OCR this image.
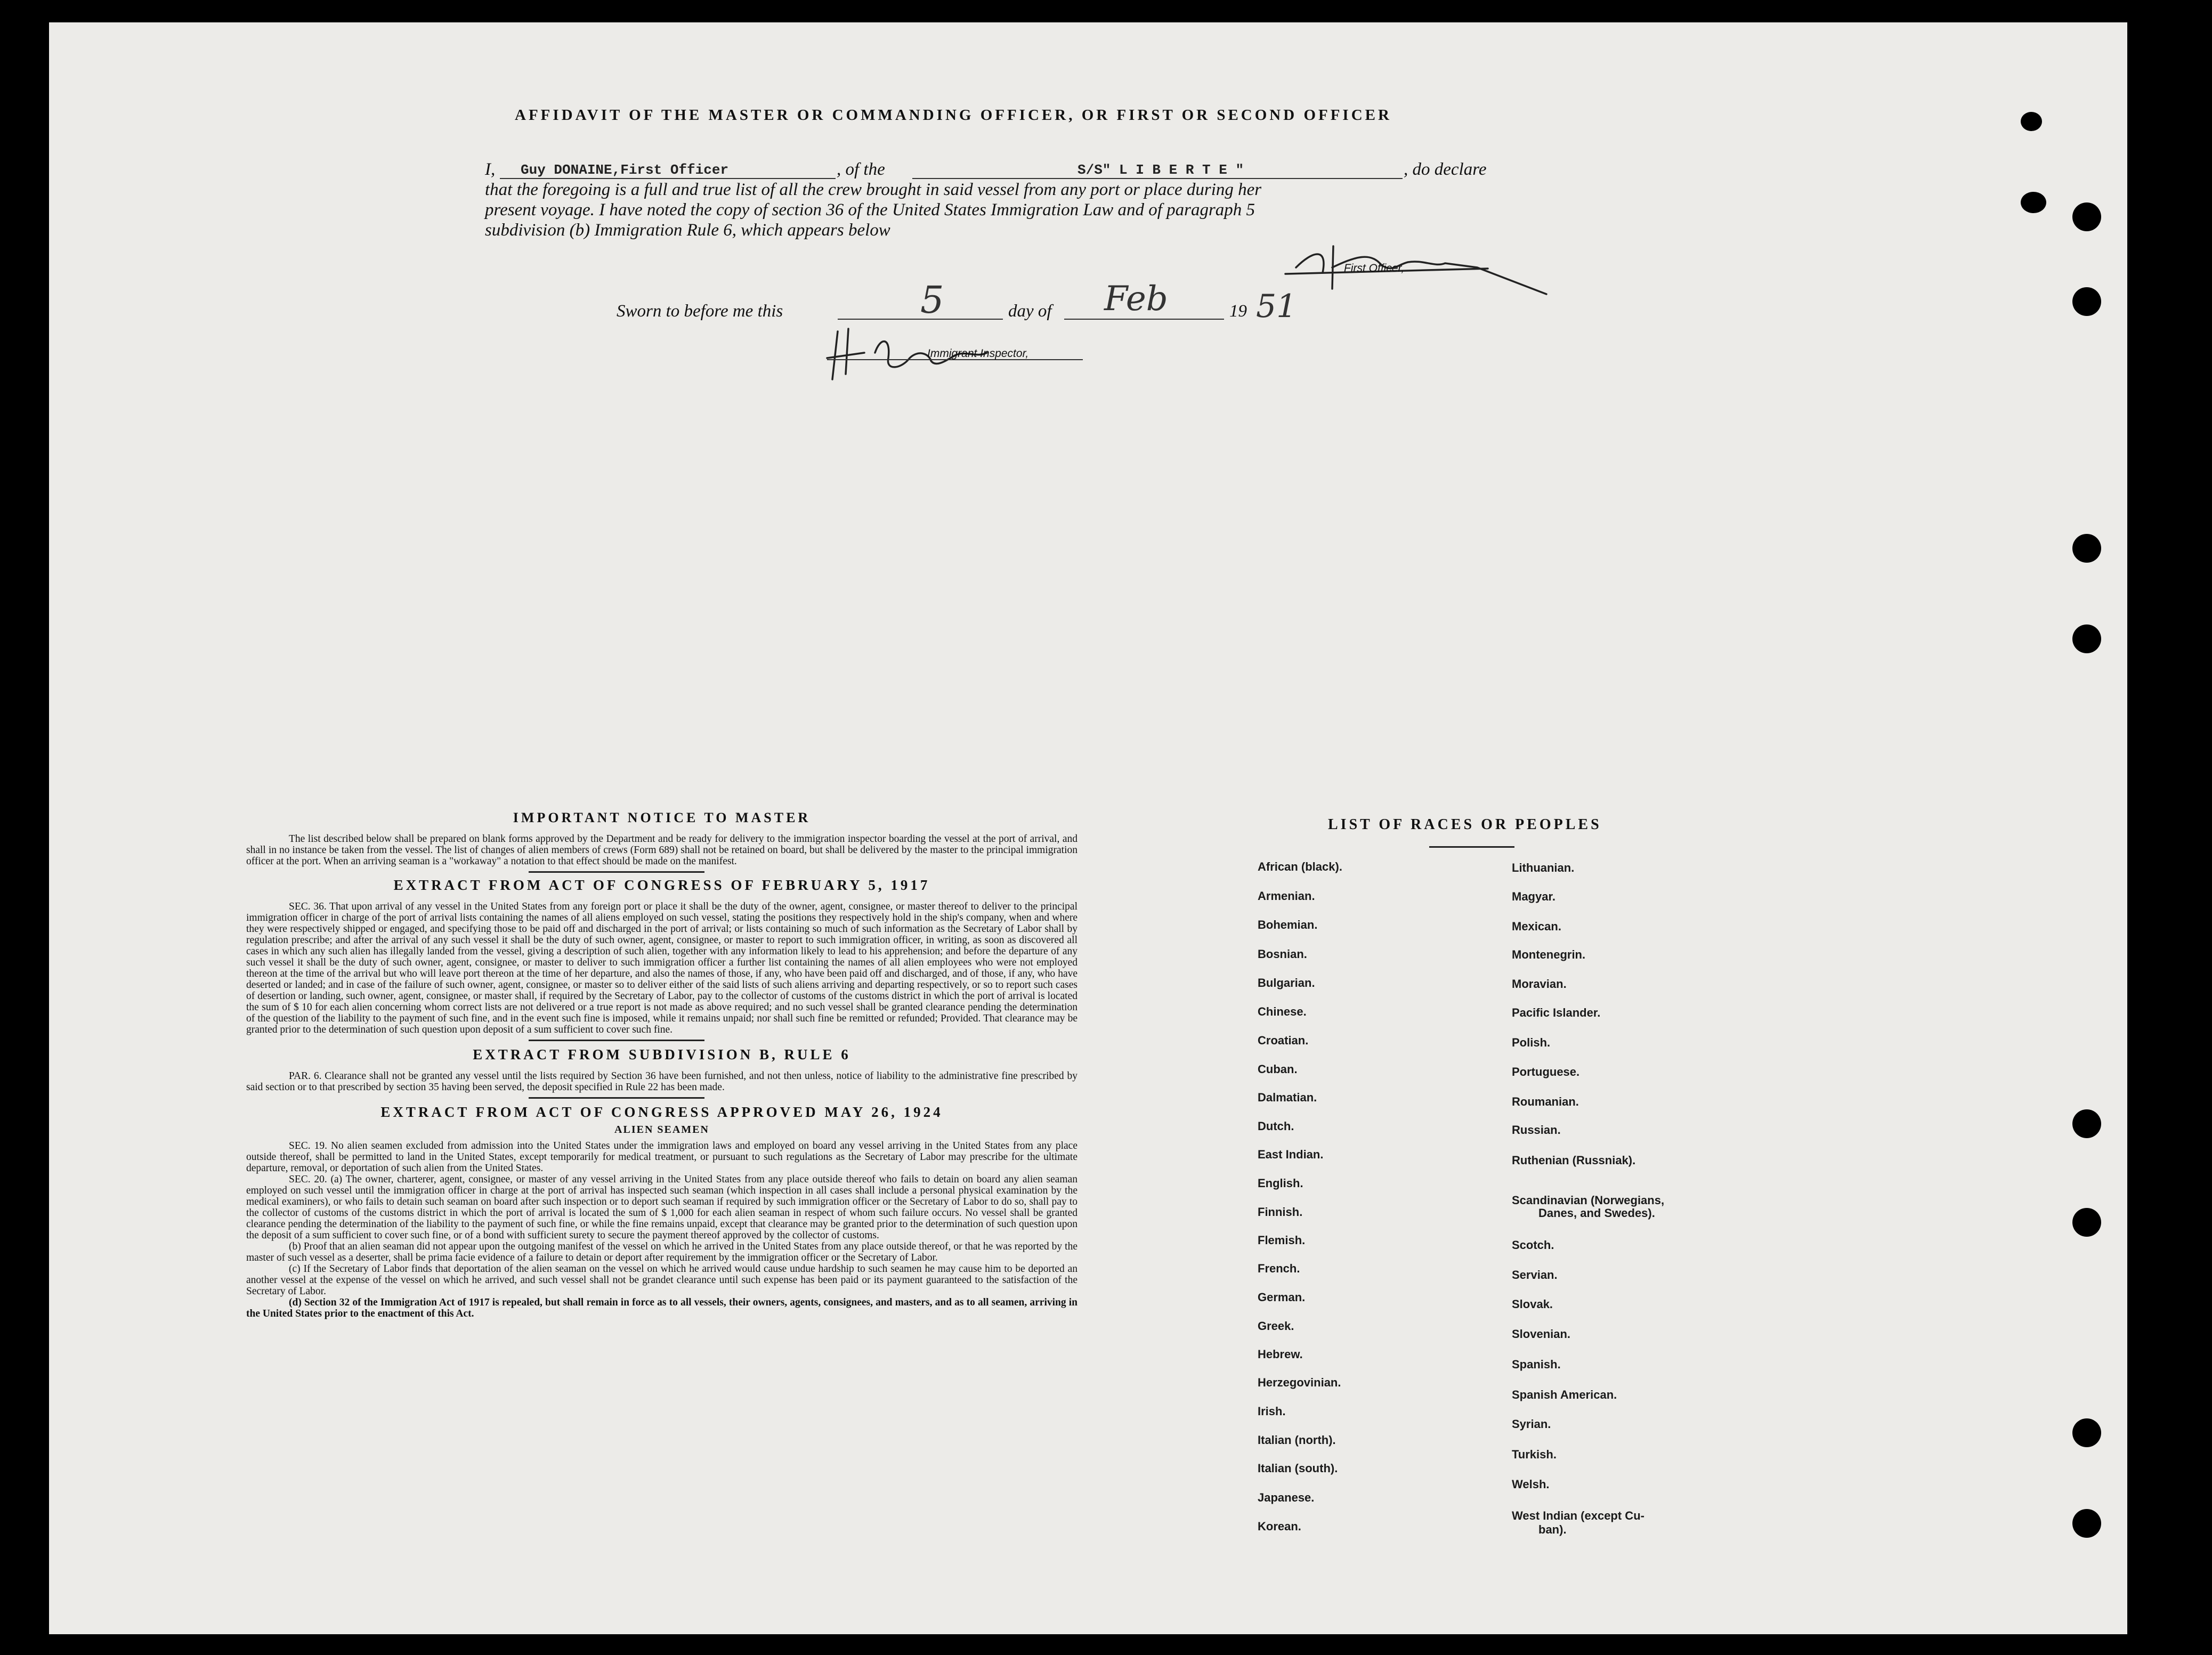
AFFIDAVIT OF THE MASTER OR COMMANDING OFFICER, OR FIRST OR SECOND OFFICER
I, Guy DONAINE,First Officer	, of the	S/S" L I B E R T E "	, do declare
that the foregoing is a full and true list of all the crew brought in said vessel from any port or place during her
present voyage. I have noted the copy of section 36 of the United States Immigration Law and of paragraph 5
subdivision (b) Immigration Rule 6, which appears below
First Officer,
Sworn to before me this	5	day of Feb	19 51
Immigrant Inspector,
IMPORTANT NOTICE TO MASTER
The list described below shall be prepared on blank forms approved by the Department and be ready for delivery to the immigration inspector boarding the vessel at the port of arrival, and shall in no instance be taken from the vessel. The list of changes of alien members of crews (Form 689) shall not be retained on board, but shall be delivered by the master to the principal immigration officer at the port. When an arriving seaman is a "workaway" a notation to that effect should be made on the manifest.
EXTRACT FROM ACT OF CONGRESS OF FEBRUARY 5, 1917
SEC. 36. That upon arrival of any vessel in the United States from any foreign port or place it shall be the duty of the owner, agent, consignee, or master thereof to deliver to the principal immigration officer in charge of the port of arrival lists containing the names of all aliens employed on such vessel, stating the positions they respectively hold in the ship's company, when and where they were respectively shipped or engaged, and specifying those to be paid off and discharged in the port of arrival; or lists containing so much of such information as the Secretary of Labor shall by regulation prescribe; and after the arrival of any such vessel it shall be the duty of such owner, agent, consignee, or master to report to such immigration officer, in writing, as soon as discovered all cases in which any such alien has illegally landed from the vessel, giving a description of such alien, together with any information likely to lead to his apprehension; and before the departure of any such vessel it shall be the duty of such owner, agent, consignee, or master to deliver to such immigration officer a further list containing the names of all alien employees who were not employed thereon at the time of the arrival but who will leave port thereon at the time of her departure, and also the names of those, if any, who have been paid off and discharged, and of those, if any, who have deserted or landed; and in case of the failure of such owner, agent, consignee, or master so to deliver either of the said lists of such aliens arriving and departing respectively, or so to report such cases of desertion or landing, such owner, agent, consignee, or master shall, if required by the Secretary of Labor, pay to the collector of customs of the customs district in which the port of arrival is located the sum of $ 10 for each alien concerning whom correct lists are not delivered or a true report is not made as above required; and no such vessel shall be granted clearance pending the determination of the question of the liability to the payment of such fine, and in the event such fine is imposed, while it remains unpaid; nor shall such fine be remitted or refunded; Provided. That clearance may be granted prior to the determination of such question upon deposit of a sum sufficient to cover such fine.
EXTRACT FROM SUBDIVISION B, RULE 6
PAR. 6. Clearance shall not be granted any vessel until the lists required by Section 36 have been furnished, and not then unless, notice of liability to the administrative fine prescribed by said section or to that prescribed by section 35 having been served, the deposit specified in Rule 22 has been made.
EXTRACT FROM ACT OF CONGRESS APPROVED MAY 26, 1924
ALIEN SEAMEN
SEC. 19. No alien seamen excluded from admission into the United States under the immigration laws and employed on board any vessel arriving in the United States from any place outside thereof, shall be permitted to land in the United States, except temporarily for medical treatment, or pursuant to such regulations as the Secretary of Labor may prescribe for the ultimate departure, removal, or deportation of such alien from the United States.
SEC. 20. (a) The owner, charterer, agent, consignee, or master of any vessel arriving in the United States from any place outside thereof who fails to detain on board any alien seaman employed on such vessel until the immigration officer in charge at the port of arrival has inspected such seaman (which inspection in all cases shall include a personal physical examination by the medical examiners), or who fails to detain such seaman on board after such inspection or to deport such seaman if required by such immigration officer or the Secretary of Labor to do so, shall pay to the collector of customs of the customs district in which the port of arrival is located the sum of $ 1,000 for each alien seaman in respect of whom such failure occurs. No vessel shall be granted clearance pending the determination of the liability to the payment of such fine, or while the fine remains unpaid, except that clearance may be granted prior to the determination of such question upon the deposit of a sum sufficient to cover such fine, or of a bond with sufficient surety to secure the payment thereof approved by the collector of customs.
(b) Proof that an alien seaman did not appear upon the outgoing manifest of the vessel on which he arrived in the United States from any place outside thereof, or that he was reported by the master of such vessel as a deserter, shall be prima facie evidence of a failure to detain or deport after requirement by the immigration officer or the Secretary of Labor.
(c) If the Secretary of Labor finds that deportation of the alien seaman on the vessel on which he arrived would cause undue hardship to such seamen he may cause him to be deported an another vessel at the expense of the vessel on which he arrived, and such vessel shall not be grandet clearance until such expense has been paid or its payment guaranteed to the satisfaction of the Secretary of Labor.
(d) Section 32 of the Immigration Act of 1917 is repealed, but shall remain in force as to all vessels, their owners, agents, consignees, and masters, and as to all seamen, arriving in the United States prior to the enactment of this Act.
LIST OF RACES OR PEOPLES
African (black).
Armenian.
Bohemian.
Bosnian.
Bulgarian.
Chinese.
Croatian.
Cuban.
Dalmatian.
Dutch.
East Indian.
English.
Finnish.
Flemish.
French.
German.
Greek.
Hebrew.
Herzegovinian.
Irish.
Italian (north).
Italian (south).
Japanese.
Korean.
Lithuanian.
Magyar.
Mexican.
Montenegrin.
Moravian.
Pacific Islander.
Polish.
Portuguese.
Roumanian.
Russian.
Ruthenian (Russniak).
Scandinavian (Norwegians,
Danes, and Swedes).
Scotch.
Servian.
Slovak.
Slovenian.
Spanish.
Spanish American.
Syrian.
Turkish.
Welsh.
West Indian (except Cu-
ban).
